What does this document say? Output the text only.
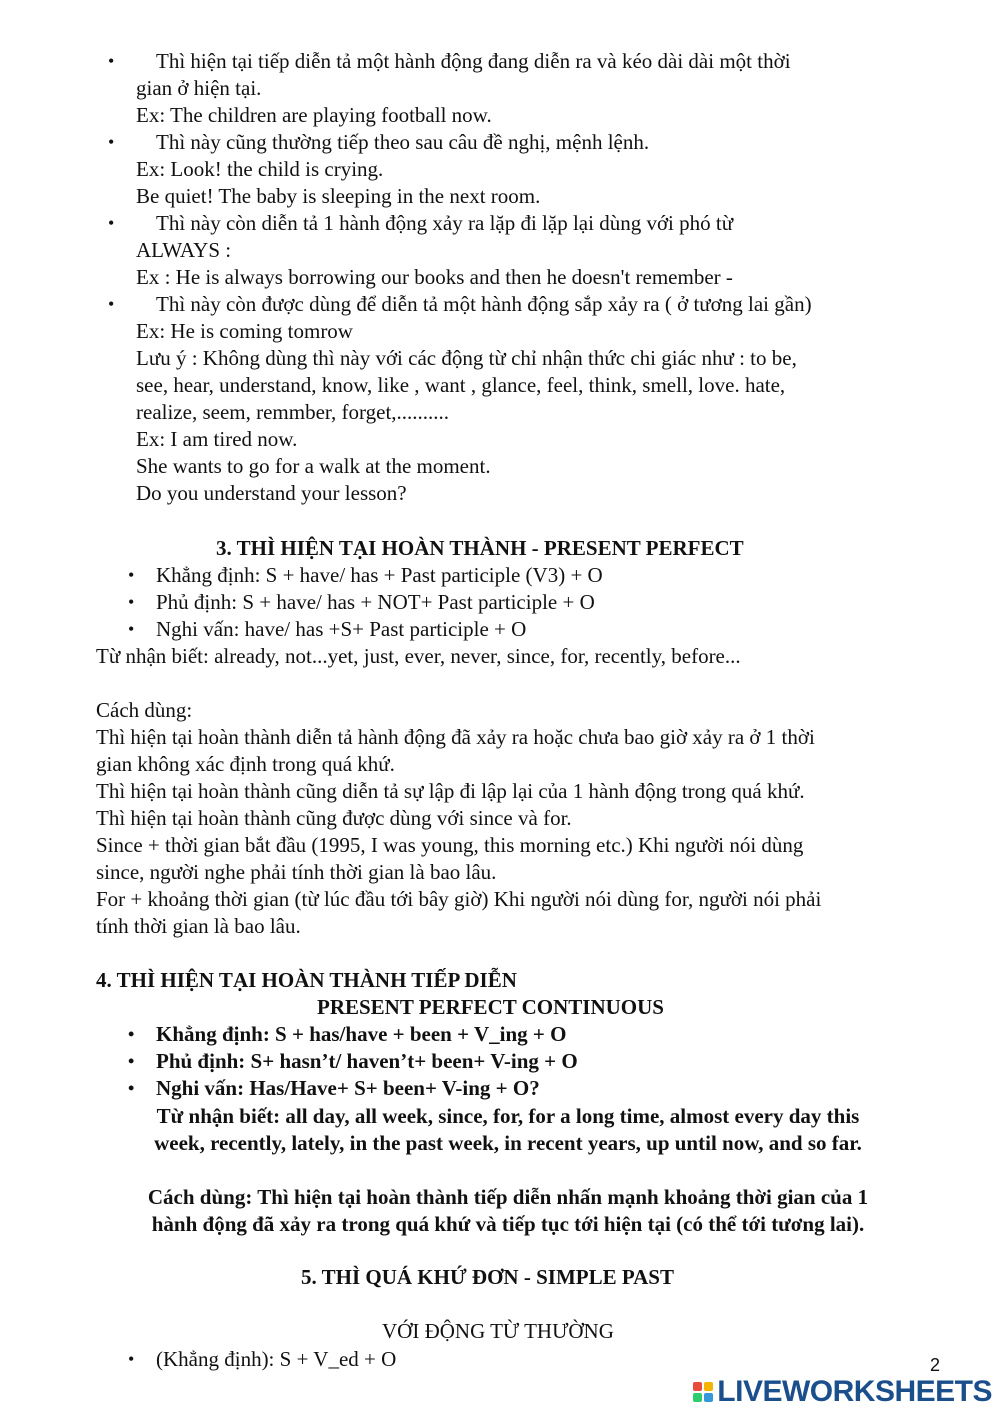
• Thì hiện tại tiếp diễn tả một hành động đang diễn ra và kéo dài dài một thời
gian ở hiện tại.
Ex: The children are playing football now.
• Thì này cũng thường tiếp theo sau câu đề nghị, mệnh lệnh.
Ex: Look! the child is crying.
Be quiet! The baby is sleeping in the next room.
• Thì này còn diễn tả 1 hành động xảy ra lặp đi lặp lại dùng với phó từ
ALWAYS :
Ex : He is always borrowing our books and then he doesn't remember -
• Thì này còn được dùng để diễn tả một hành động sắp xảy ra ( ở tương lai gần)
Ex: He is coming tomrow
Lưu ý : Không dùng thì này với các động từ chỉ nhận thức chi giác như : to be,
see, hear, understand, know, like , want , glance, feel, think, smell, love. hate,
realize, seem, remmber, forget,..........
Ex: I am tired now.
She wants to go for a walk at the moment.
Do you understand your lesson?
3. THÌ HIỆN TẠI HOÀN THÀNH - PRESENT PERFECT
• Khẳng định: S + have/ has + Past participle (V3) + O
• Phủ định: S + have/ has + NOT+ Past participle + O
• Nghi vấn: have/ has +S+ Past participle + O
Từ nhận biết: already, not...yet, just, ever, never, since, for, recently, before...
Cách dùng:
Thì hiện tại hoàn thành diễn tả hành động đã xảy ra hoặc chưa bao giờ xảy ra ở 1 thời
gian không xác định trong quá khứ.
Thì hiện tại hoàn thành cũng diễn tả sự lập đi lập lại của 1 hành động trong quá khứ.
Thì hiện tại hoàn thành cũng được dùng với since và for.
Since + thời gian bắt đầu (1995, I was young, this morning etc.) Khi người nói dùng
since, người nghe phải tính thời gian là bao lâu.
For + khoảng thời gian (từ lúc đầu tới bây giờ) Khi người nói dùng for, người nói phải
tính thời gian là bao lâu.
4. THÌ HIỆN TẠI HOÀN THÀNH TIẾP DIỄN
PRESENT PERFECT CONTINUOUS
• Khẳng định: S + has/have + been + V_ing + O
• Phủ định: S+ hasn’t/ haven’t+ been+ V-ing + O
• Nghi vấn: Has/Have+ S+ been+ V-ing + O?
Từ nhận biết: all day, all week, since, for, for a long time, almost every day this
week, recently, lately, in the past week, in recent years, up until now, and so far.
Cách dùng: Thì hiện tại hoàn thành tiếp diễn nhấn mạnh khoảng thời gian của 1
hành động đã xảy ra trong quá khứ và tiếp tục tới hiện tại (có thể tới tương lai).
5. THÌ QUÁ KHỨ ĐƠN - SIMPLE PAST
VỚI ĐỘNG TỪ THƯỜNG
• (Khẳng định): S + V_ed + O	2
LIVEWORKSHEETS
